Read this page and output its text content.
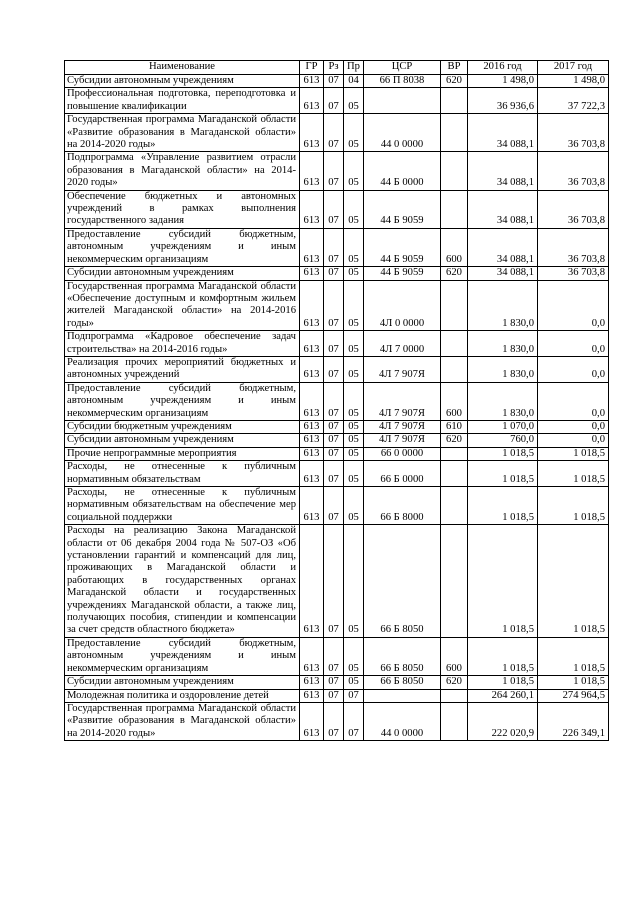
Наименование	ГР	Рз	Пр	ЦСР	ВР	2016 год	2017 год
Субсидии автономным учреждениям	613	07	04	66 П 8038	620	1 498,0	1 498,0
Профессиональная подготовка, переподготовка и повышение квалификации	613	07	05			36 936,6	37 722,3
Государственная программа Магаданской области «Развитие образования в Магаданской области» на 2014-2020 годы»	613	07	05	44 0 0000		34 088,1	36 703,8
Подпрограмма «Управление развитием отрасли образования в Магаданской области» на 2014-2020 годы»	613	07	05	44 Б 0000		34 088,1	36 703,8
Обеспечение бюджетных и автономных учреждений в рамках выполнения государственного задания	613	07	05	44 Б 9059		34 088,1	36 703,8
Предоставление субсидий бюджетным, автономным учреждениям и иным некоммерческим организациям	613	07	05	44 Б 9059	600	34 088,1	36 703,8
Субсидии автономным учреждениям	613	07	05	44 Б 9059	620	34 088,1	36 703,8
Государственная программа Магаданской области «Обеспечение доступным и комфортным жильем жителей Магаданской области» на 2014-2016 годы»	613	07	05	4Л 0 0000		1 830,0	0,0
Подпрограмма «Кадровое обеспечение задач строительства» на 2014-2016 годы»	613	07	05	4Л 7 0000		1 830,0	0,0
Реализация прочих мероприятий бюджетных и автономных учреждений	613	07	05	4Л 7 907Я		1 830,0	0,0
Предоставление субсидий бюджетным, автономным учреждениям и иным некоммерческим организациям	613	07	05	4Л 7 907Я	600	1 830,0	0,0
Субсидии бюджетным учреждениям	613	07	05	4Л 7 907Я	610	1 070,0	0,0
Субсидии автономным учреждениям	613	07	05	4Л 7 907Я	620	760,0	0,0
Прочие непрограммные мероприятия	613	07	05	66 0 0000		1 018,5	1 018,5
Расходы, не отнесенные к публичным нормативным обязательствам	613	07	05	66 Б 0000		1 018,5	1 018,5
Расходы, не отнесенные к публичным нормативным обязательствам на обеспечение мер социальной поддержки	613	07	05	66 Б 8000		1 018,5	1 018,5
Расходы на реализацию Закона Магаданской области от 06 декабря 2004 года № 507-ОЗ «Об установлении гарантий и компенсаций для лиц, проживающих в Магаданской области и работающих в государственных органах Магаданской области и государственных учреждениях Магаданской области, а также лиц, получающих пособия, стипендии и компенсации за счет средств областного бюджета»	613	07	05	66 Б 8050		1 018,5	1 018,5
Предоставление субсидий бюджетным, автономным учреждениям и иным некоммерческим организациям	613	07	05	66 Б 8050	600	1 018,5	1 018,5
Субсидии автономным учреждениям	613	07	05	66 Б 8050	620	1 018,5	1 018,5
Молодежная политика и оздоровление детей	613	07	07			264 260,1	274 964,5
Государственная программа Магаданской области «Развитие образования в Магаданской области» на 2014-2020 годы»	613	07	07	44 0 0000		222 020,9	226 349,1
